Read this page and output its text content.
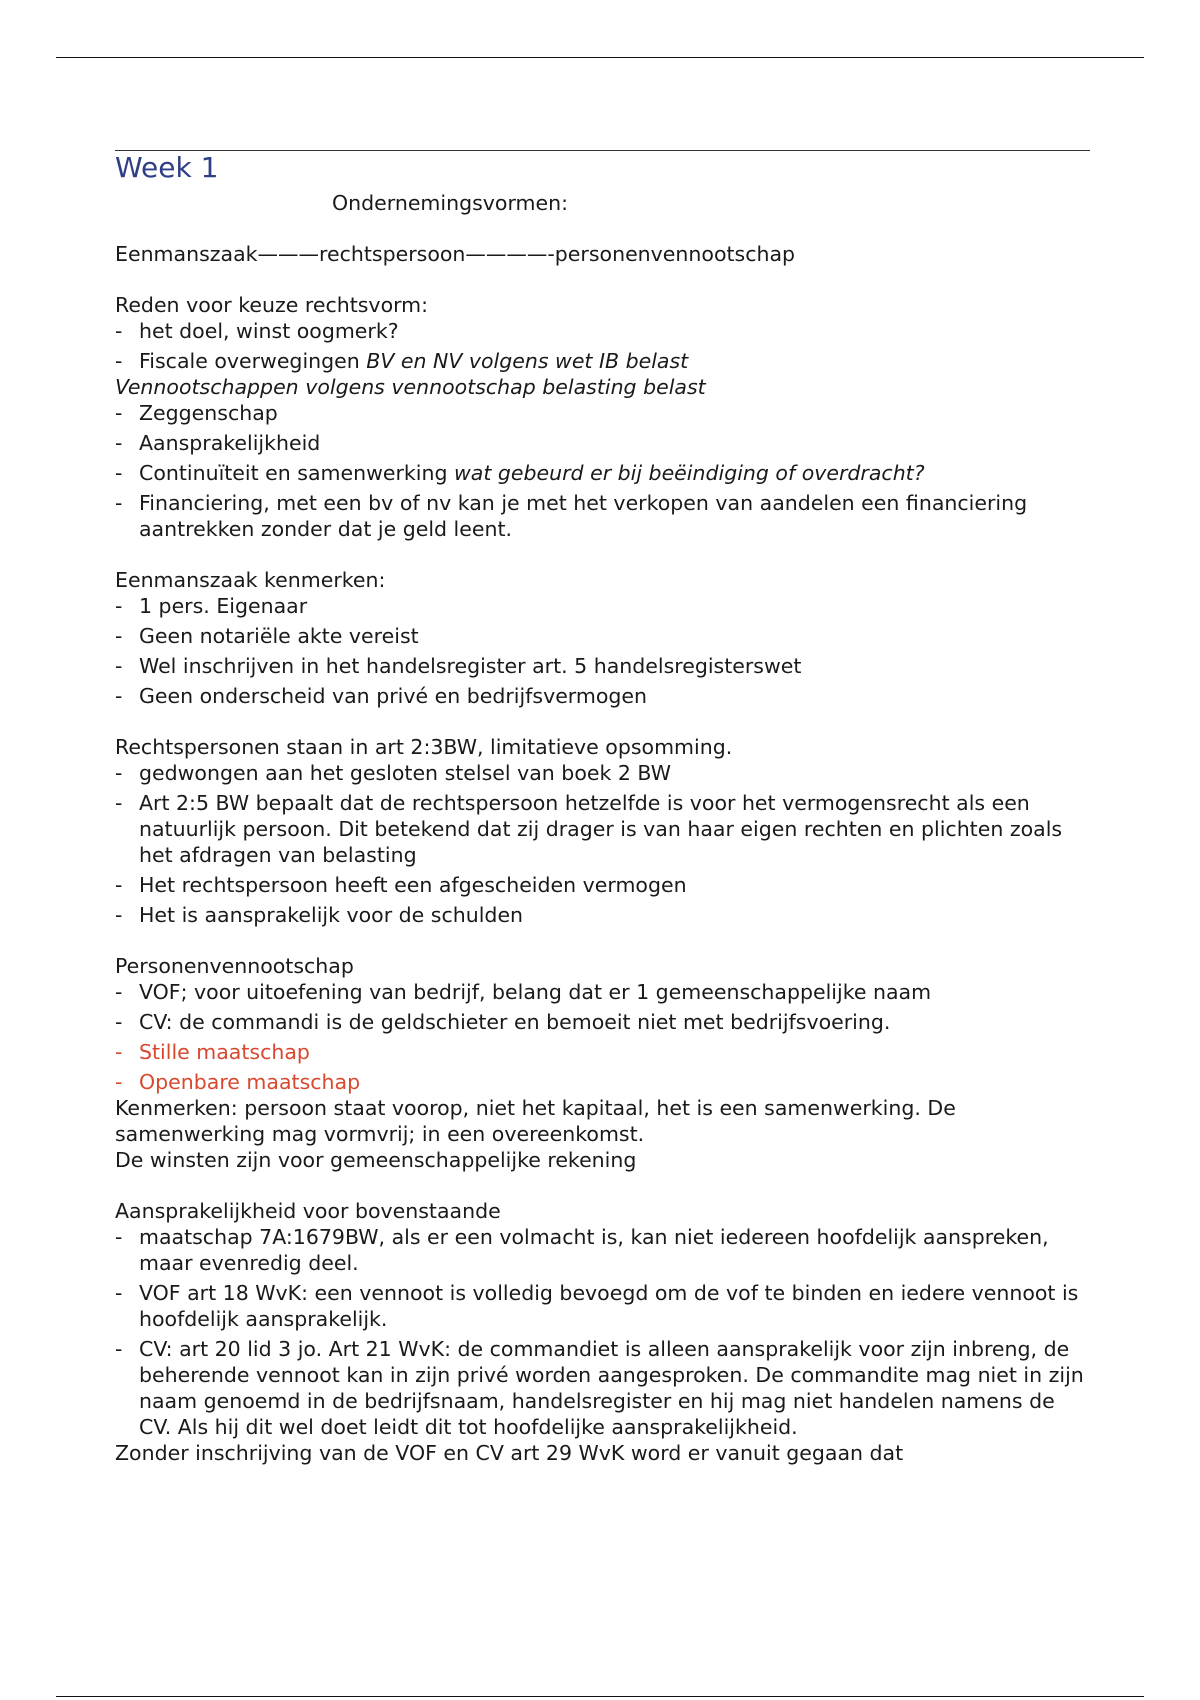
Week 1

Ondernemingsvormen:

Eenmanszaak———rechtspersoon————-personenvennootschap

Reden voor keuze rechtsvorm:

- het doel, winst oogmerk?
- Fiscale overwegingen BV en NV volgens wet IB belast

Vennootschappen volgens vennootschap belasting belast

- Zeggenschap
- Aansprakelijkheid
- Continuïteit en samenwerking wat gebeurd er bij beëindiging of overdracht?
- Financiering, met een bv of nv kan je met het verkopen van aandelen een financiering aantrekken zonder dat je geld leent.

Eenmanszaak kenmerken:

- 1 pers. Eigenaar
- Geen notariële akte vereist
- Wel inschrijven in het handelsregister art. 5 handelsregisterswet
- Geen onderscheid van privé en bedrijfsvermogen

Rechtspersonen staan in art 2:3BW, limitatieve opsomming.

- gedwongen aan het gesloten stelsel van boek 2 BW
- Art 2:5 BW bepaalt dat de rechtspersoon hetzelfde is voor het vermogensrecht als een natuurlijk persoon. Dit betekend dat zij drager is van haar eigen rechten en plichten zoals het afdragen van belasting
- Het rechtspersoon heeft een afgescheiden vermogen
- Het is aansprakelijk voor de schulden

Personenvennootschap

- VOF; voor uitoefening van bedrijf, belang dat er 1 gemeenschappelijke naam
- CV: de commandi is de geldschieter en bemoeit niet met bedrijfsvoering.
- Stille maatschap
- Openbare maatschap

Kenmerken: persoon staat voorop, niet het kapitaal, het is een samenwerking. De samenwerking mag vormvrij; in een overeenkomst.

De winsten zijn voor gemeenschappelijke rekening

Aansprakelijkheid voor bovenstaande

- maatschap 7A:1679BW, als er een volmacht is, kan niet iedereen hoofdelijk aanspreken, maar evenredig deel.
- VOF art 18 WvK: een vennoot is volledig bevoegd om de vof te binden en iedere vennoot is hoofdelijk aansprakelijk.
- CV: art 20 lid 3 jo. Art 21 WvK: de commandiet is alleen aansprakelijk voor zijn inbreng, de beherende vennoot kan in zijn privé worden aangesproken. De commandite mag niet in zijn naam genoemd in de bedrijfsnaam, handelsregister en hij mag niet handelen namens de CV. Als hij dit wel doet leidt dit tot hoofdelijke aansprakelijkheid.

Zonder inschrijving van de VOF en CV art 29 WvK word er vanuit gegaan dat
